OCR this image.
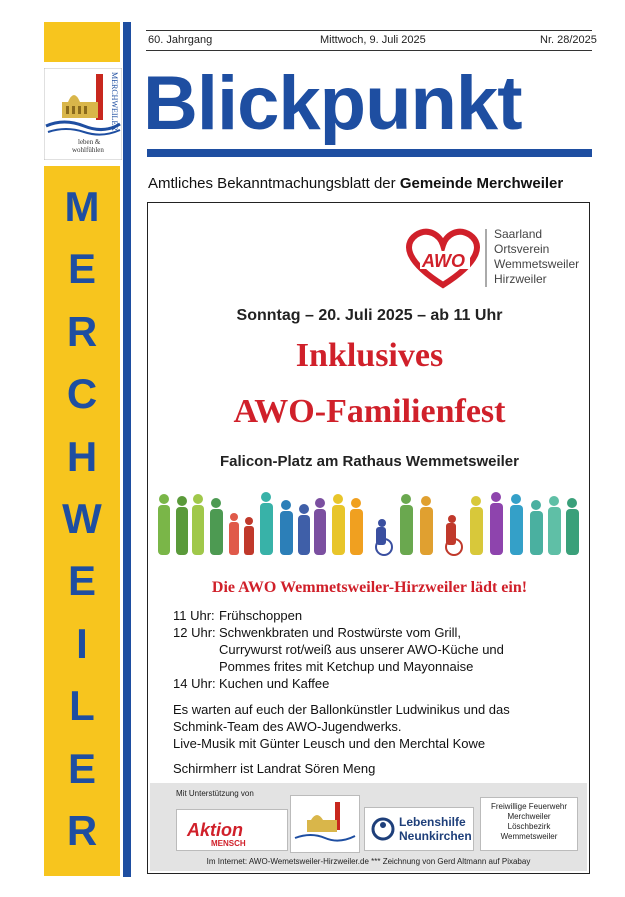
leben &
wohlfühlen
MERCHWEILER
M
E
R
C
H
W
E
I
L
E
R
60. Jahrgang	Mittwoch, 9. Juli 2025	Nr. 28/2025
Blickpunkt
Amtliches Bekanntmachungsblatt der Gemeinde Merchweiler
AWO
Saarland
Ortsverein
Wemmetsweiler
Hirzweiler
Sonntag – 20. Juli 2025 – ab 11 Uhr
Inklusives
AWO-Familienfest
Falicon-Platz am Rathaus Wemmetsweiler
Die AWO Wemmetsweiler-Hirzweiler lädt ein!
11 Uhr: Frühschoppen
12 Uhr: Schwenkbraten und Rostwürste vom Grill,
Currywurst rot/weiß aus unserer AWO-Küche und
Pommes frites mit Ketchup und Mayonnaise
14 Uhr: Kuchen und Kaffee
Es warten auf euch der Ballonkünstler Ludwinikus und das
Schmink-Team des AWO-Jugendwerks.
Live-Musik mit Günter Leusch und den Merchtal Kowe
Schirmherr ist Landrat Sören Meng
Mit Unterstützung von
Aktion
MENSCH
Lebenshilfe
Neunkirchen
Freiwillige Feuerwehr
Merchweiler
Löschbezirk
Wemmetsweiler
Im Internet: AWO-Wemetsweiler-Hirzweiler.de *** Zeichnung von Gerd Altmann auf Pixabay
